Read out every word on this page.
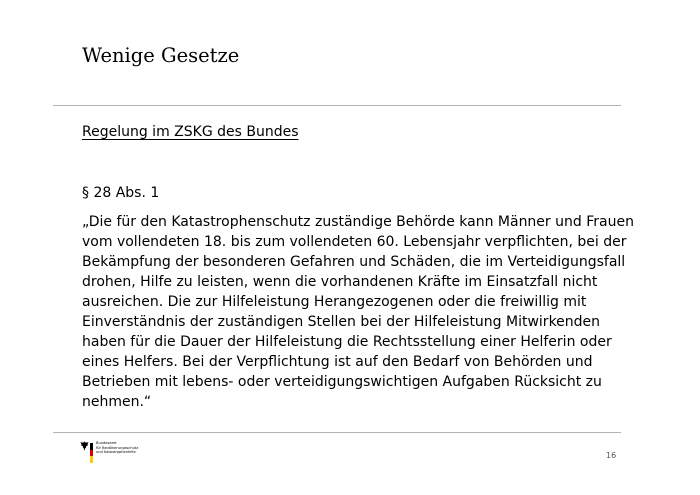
Wenige Gesetze
Regelung im ZSKG des Bundes
§ 28 Abs. 1
„Die für den Katastrophenschutz zuständige Behörde kann Männer und Frauen
vom vollendeten 18. bis zum vollendeten 60. Lebensjahr verpflichten, bei der
Bekämpfung der besonderen Gefahren und Schäden, die im Verteidigungsfall
drohen, Hilfe zu leisten, wenn die vorhandenen Kräfte im Einsatzfall nicht
ausreichen. Die zur Hilfeleistung Herangezogenen oder die freiwillig mit
Einverständnis der zuständigen Stellen bei der Hilfeleistung Mitwirkenden
haben für die Dauer der Hilfeleistung die Rechtsstellung einer Helferin oder
eines Helfers. Bei der Verpflichtung ist auf den Bedarf von Behörden und
Betrieben mit lebens- oder verteidigungswichtigen Aufgaben Rücksicht zu
nehmen.“
Bundesamt
für Bevölkerungsschutz
und Katastrophenhilfe	16
